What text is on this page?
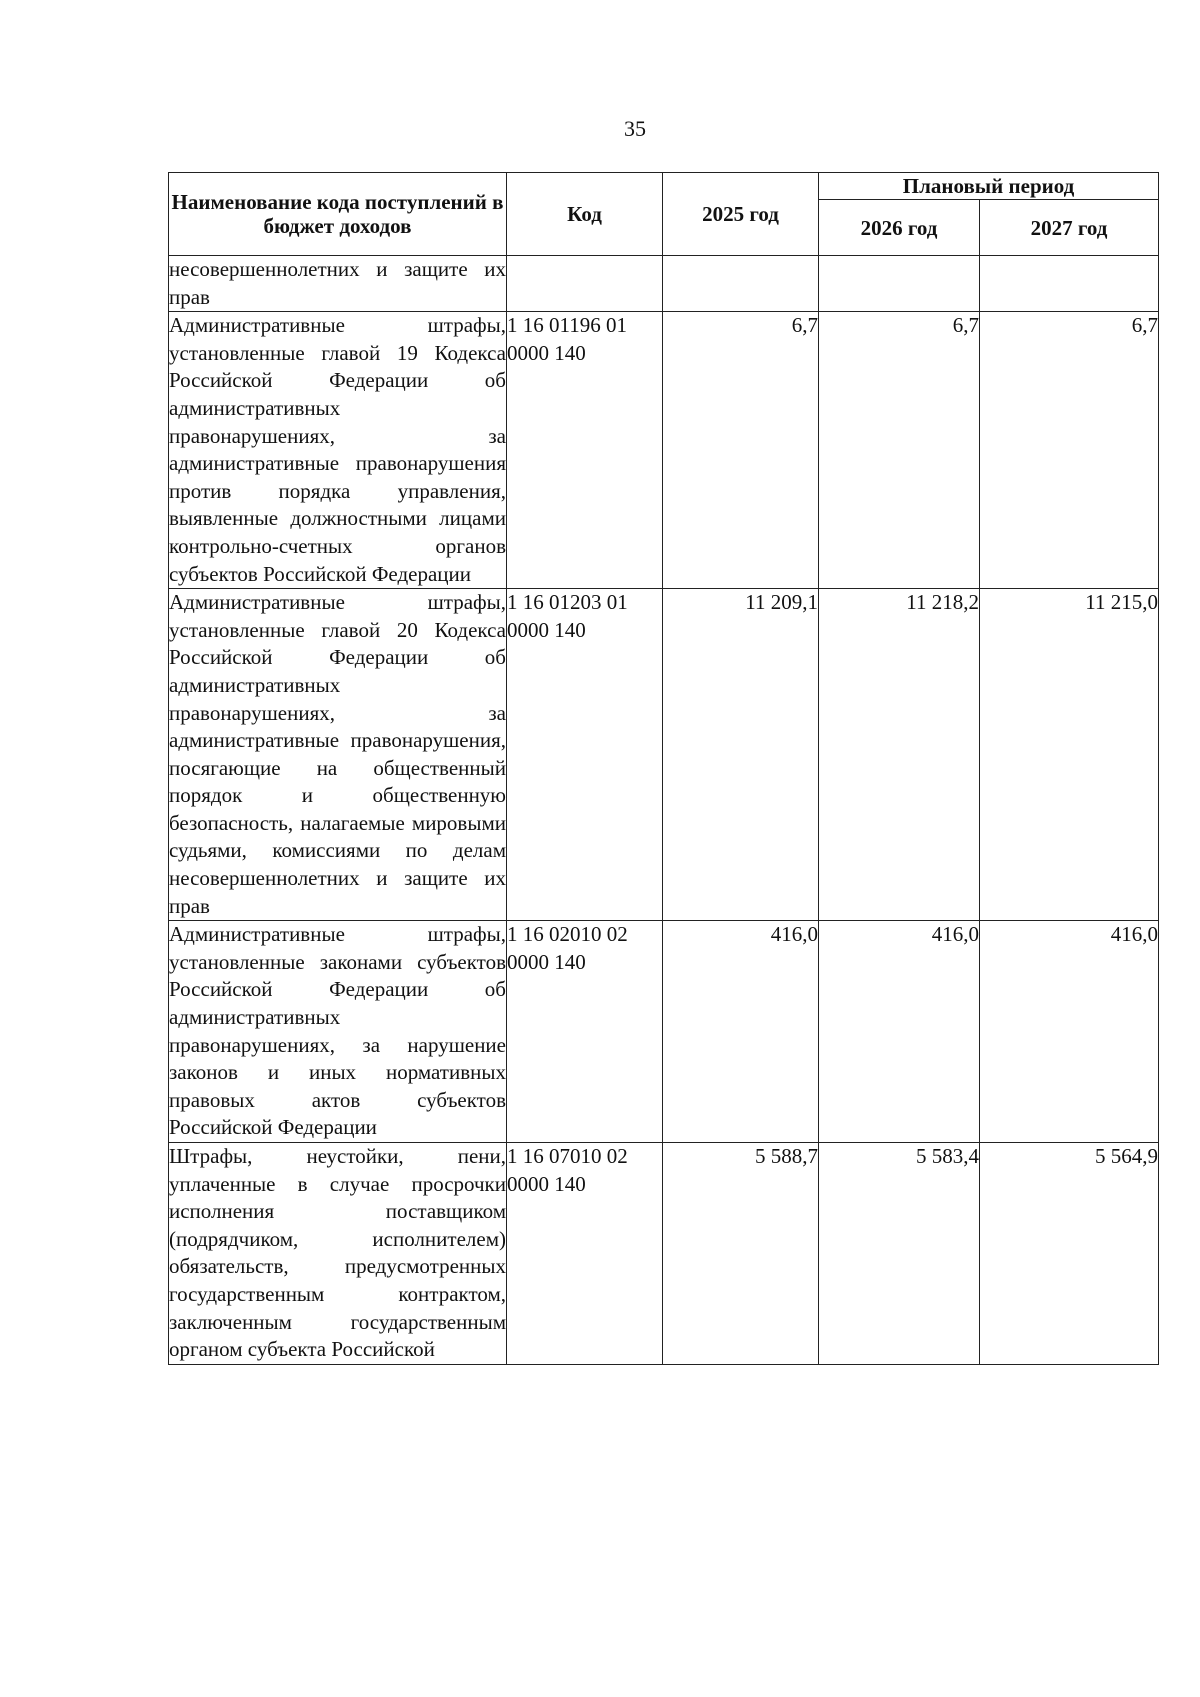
35
Наименование кода поступлений в бюджет доходов	Код	2025 год	Плановый период	
			2026 год	2027 год
несовершеннолетних и защите их прав				
Административные штрафы, установленные главой 19 Кодекса Российской Федерации об административных правонарушениях, за административные правонарушения против порядка управления, выявленные должностными лицами контрольно-счетных органов субъектов Российской Федерации	1 16 01196 01 0000 140	6,7	6,7	6,7
Административные штрафы, установленные главой 20 Кодекса Российской Федерации об административных правонарушениях, за административные правонарушения, посягающие на общественный порядок и общественную безопасность, налагаемые мировыми судьями, комиссиями по делам несовершеннолетних и защите их прав	1 16 01203 01 0000 140	11 209,1	11 218,2	11 215,0
Административные штрафы, установленные законами субъектов Российской Федерации об административных правонарушениях, за нарушение законов и иных нормативных правовых актов субъектов Российской Федерации	1 16 02010 02 0000 140	416,0	416,0	416,0
Штрафы, неустойки, пени, уплаченные в случае просрочки исполнения поставщиком (подрядчиком, исполнителем) обязательств, предусмотренных государственным контрактом, заключенным государственным органом субъекта Российской	1 16 07010 02 0000 140	5 588,7	5 583,4	5 564,9
